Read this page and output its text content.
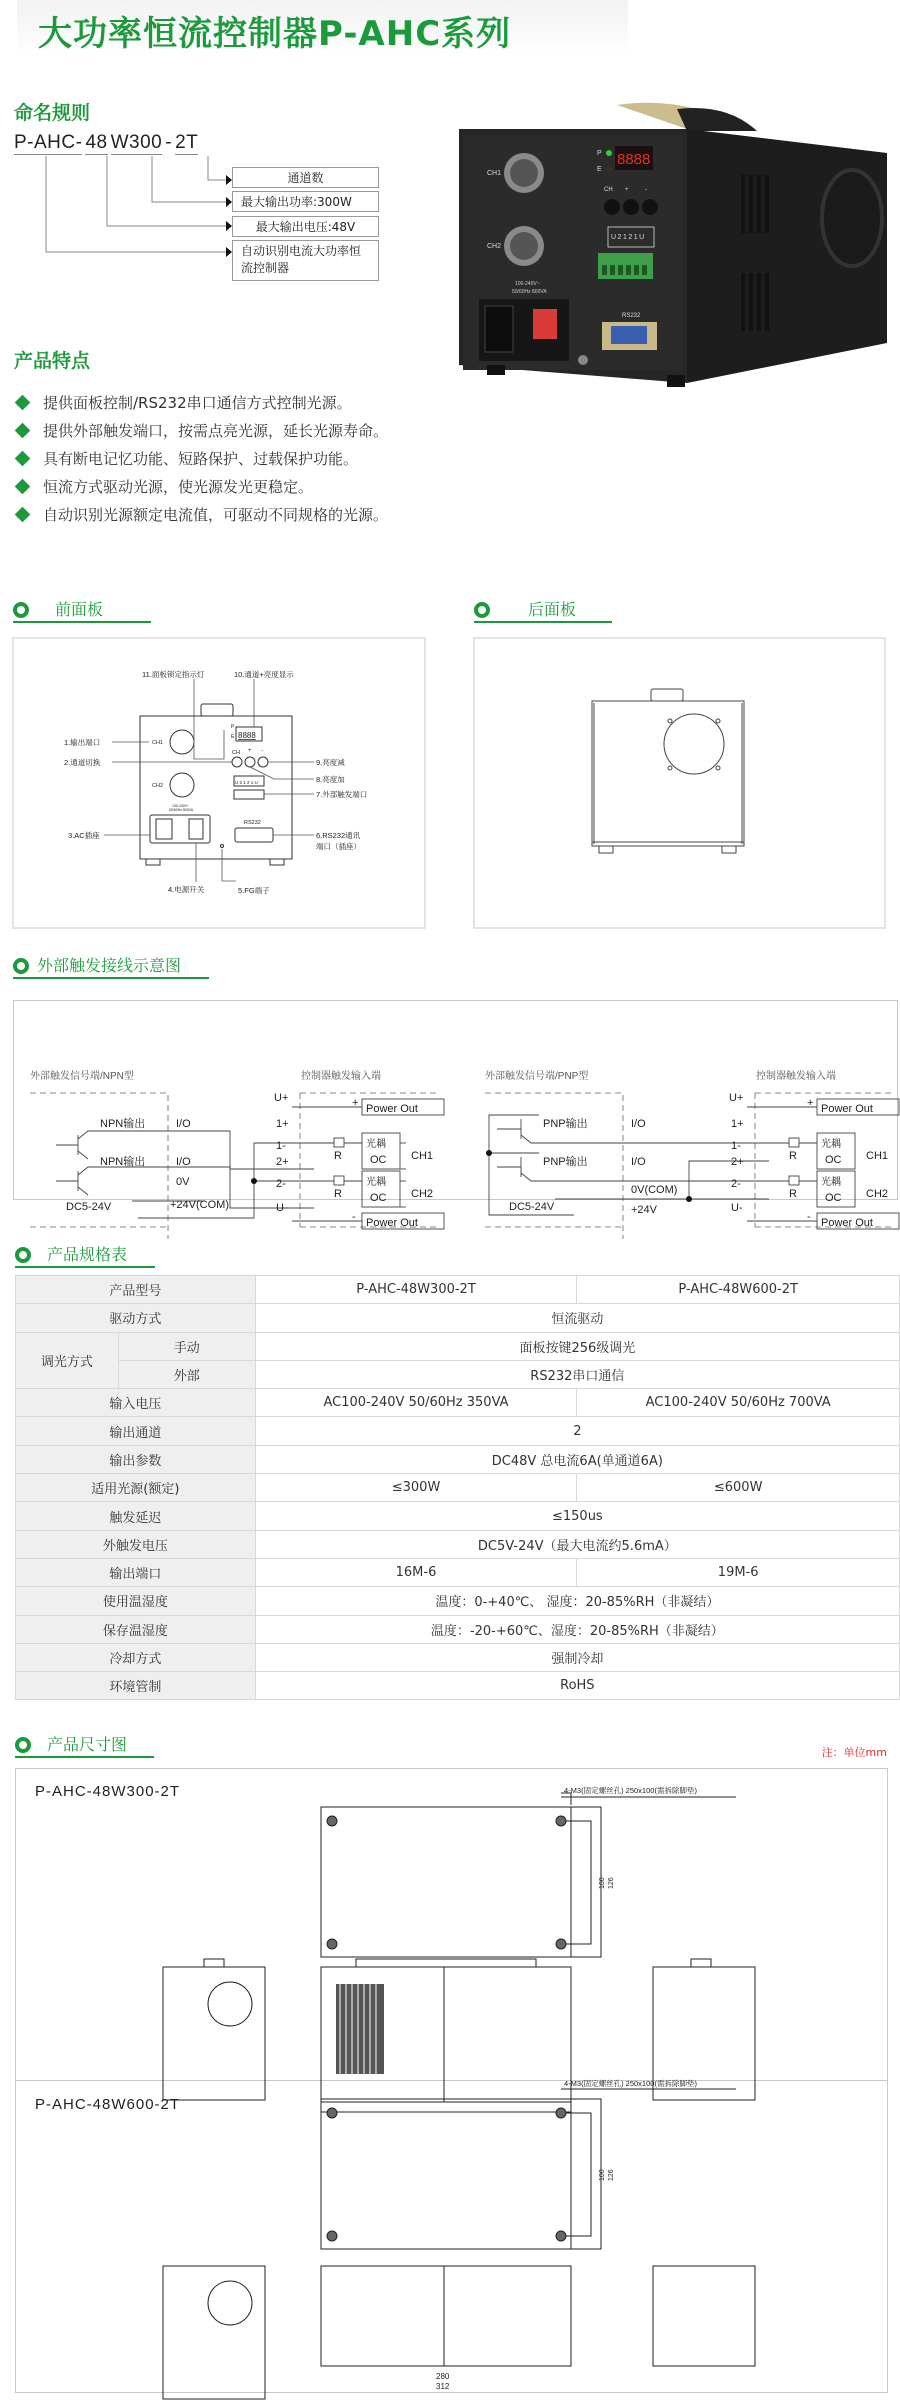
大功率恒流控制器P-AHC系列
命名规则
P-AHC- 48 W300 - 2T
通道数
最大输出功率:300W
最大输出电压:48V
自动识别电流大功率恒流控制器
CH1
CH2
P
E
8888
CH +	-
U2121U
100-240V~
50/60Hz 800VA
RS232
产品特点
提供面板控制/RS232串口通信方式控制光源。
提供外部触发端口，按需点亮光源，延长光源寿命。
具有断电记忆功能、短路保护、过载保护功能。
恒流方式驱动光源，使光源发光更稳定。
自动识别光源额定电流值，可驱动不同规格的光源。
前面板
P
E 8888
CH1
CH2
CH + -
U 2 1 2 1 U
100-240V~
50/60Hz 800VA
RS232
11.面板锁定指示灯	10.通道+亮度显示
1.输出端口
2.通道切换
3.AC插座
4.电源开关	5.FG端子
6.RS232通讯
端口（插座）
7.外部触发端口
8.亮度加
9.亮度减
后面板
外部触发接线示意图
外部触发信号端/NPN型	控制器触发输入端
NPN输出
NPN输出
I/O
I/O
0V
+24V(COM)
DC5-24V
U+
1+
1-
2+
2-
U-
Power Out
Power Out
+
-
R
R
光耦
OC
光耦
OC
CH1
CH2
外部触发信号端/PNP型	控制器触发输入端
PNP输出
PNP输出
I/O
I/O
0V(COM)
+24V
DC5-24V
U+
1+
1-
2+
2-
U-
Power Out
Power Out
+
-
R
R
光耦
OC
光耦
OC
CH1
CH2
产品规格表
产品型号		P-AHC-48W300-2T	P-AHC-48W600-2T
驱动方式		恒流驱动	
调光方式	手动	面板按键256级调光	
	外部	RS232串口通信	
输入电压		AC100-240V 50/60Hz 350VA	AC100-240V 50/60Hz 700VA
输出通道		2	
输出参数		DC48V 总电流6A(单通道6A)	
适用光源(额定)		≤300W	≤600W
触发延迟		≤150us	
外触发电压		DC5V-24V（最大电流约5.6mA）	
输出端口		16M-6	19M-6
使用温湿度		温度：0-+40℃、 湿度：20-85%RH（非凝结）	
保存温湿度		温度：-20-+60℃、湿度：20-85%RH（非凝结）	
冷却方式		强制冷却	
环境管制		RoHS	
产品尺寸图	注：单位mm
P-AHC-48W300-2T	4-M3(固定螺丝孔) 250x100(需拆除脚垫)
100 126
P-AHC-48W600-2T
4-M3(固定螺丝孔) 250x100(需拆除脚垫)
100 126
280
312
